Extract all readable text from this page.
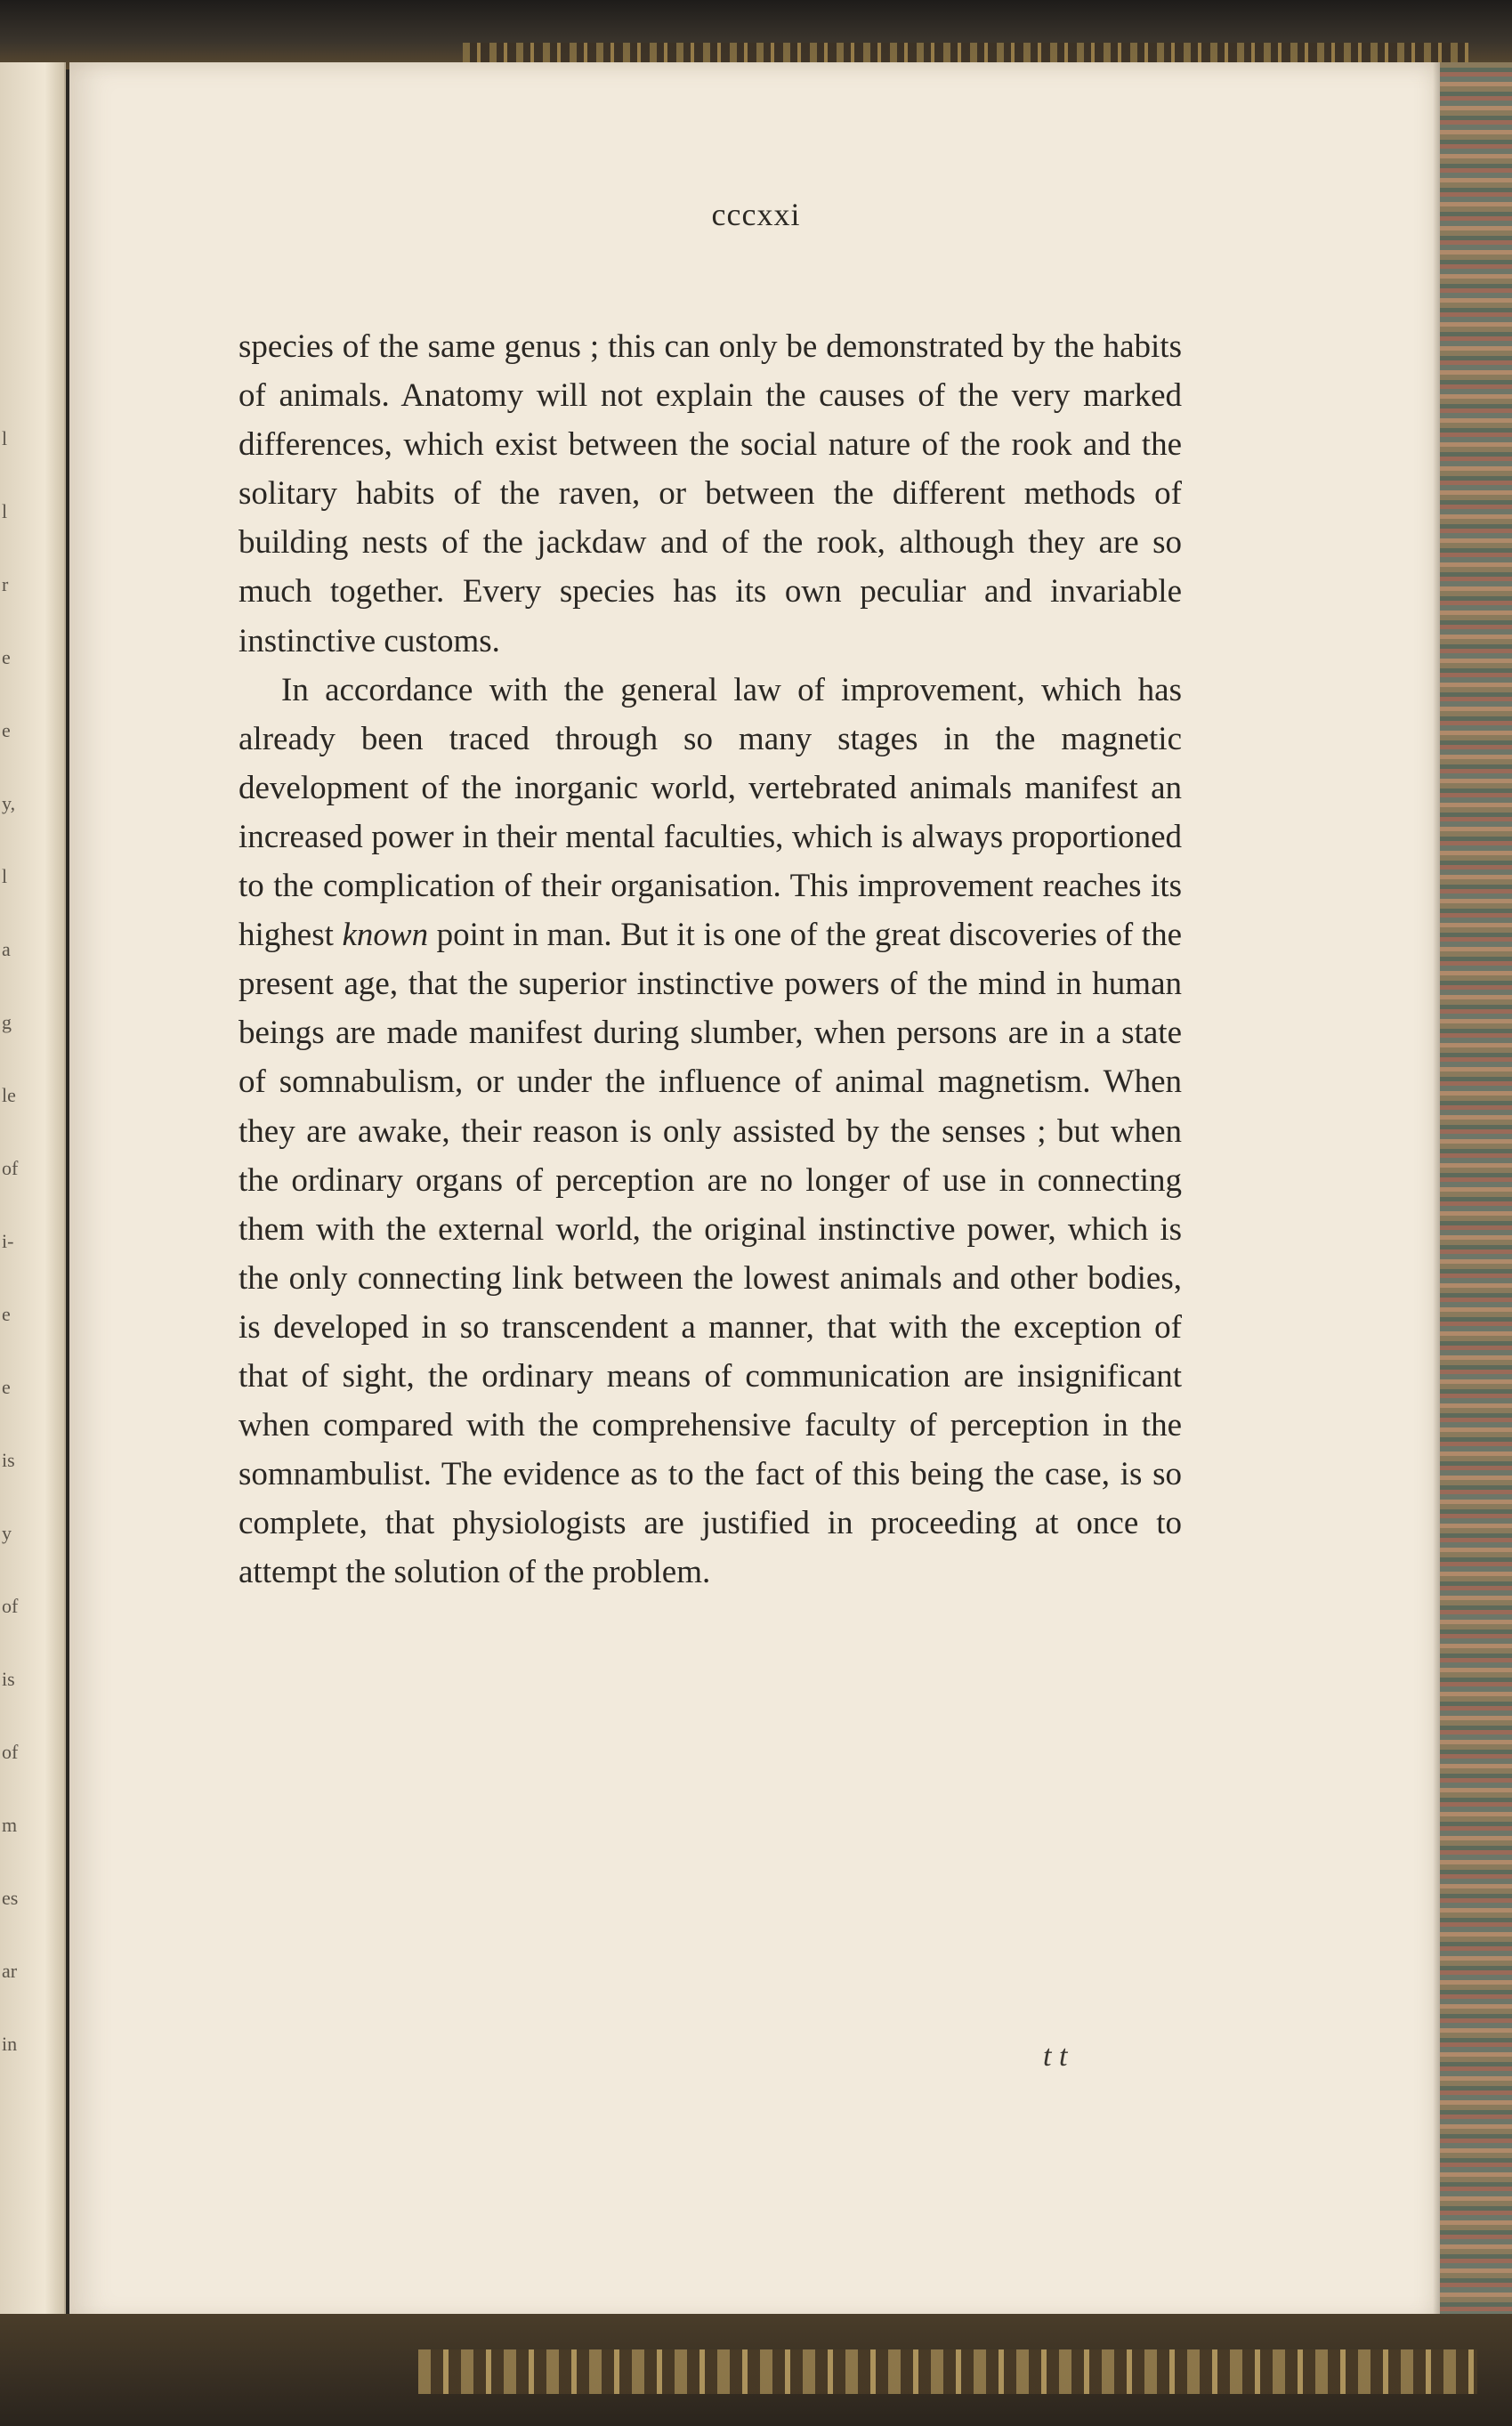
l
l
r
e
e
y,
l
a
g
le
of
i-
e
e
is
y
of
is
of
m
es
ar
in
cccxxi

species of the same genus ; this can only be demonstrated by the habits of animals. Anatomy will not explain the causes of the very marked differences, which exist between the social nature of the rook and the solitary habits of the raven, or between the different methods of building nests of the jackdaw and of the rook, although they are so much together. Every species has its own peculiar and invariable instinctive customs.

In accordance with the general law of improvement, which has already been traced through so many stages in the magnetic development of the inorganic world, vertebrated animals manifest an increased power in their mental faculties, which is always proportioned to the complication of their organisation. This improvement reaches its highest known point in man. But it is one of the great discoveries of the present age, that the superior instinctive powers of the mind in human beings are made manifest during slumber, when persons are in a state of somnabulism, or under the influence of animal magnetism. When they are awake, their reason is only assisted by the senses ; but when the ordinary organs of perception are no longer of use in connecting them with the external world, the original instinctive power, which is the only connecting link between the lowest animals and other bodies, is developed in so transcendent a manner, that with the exception of that of sight, the ordinary means of communication are insignificant when compared with the comprehensive faculty of perception in the somnambulist. The evidence as to the fact of this being the case, is so complete, that physiologists are justified in proceeding at once to attempt the solution of the problem.

t t
